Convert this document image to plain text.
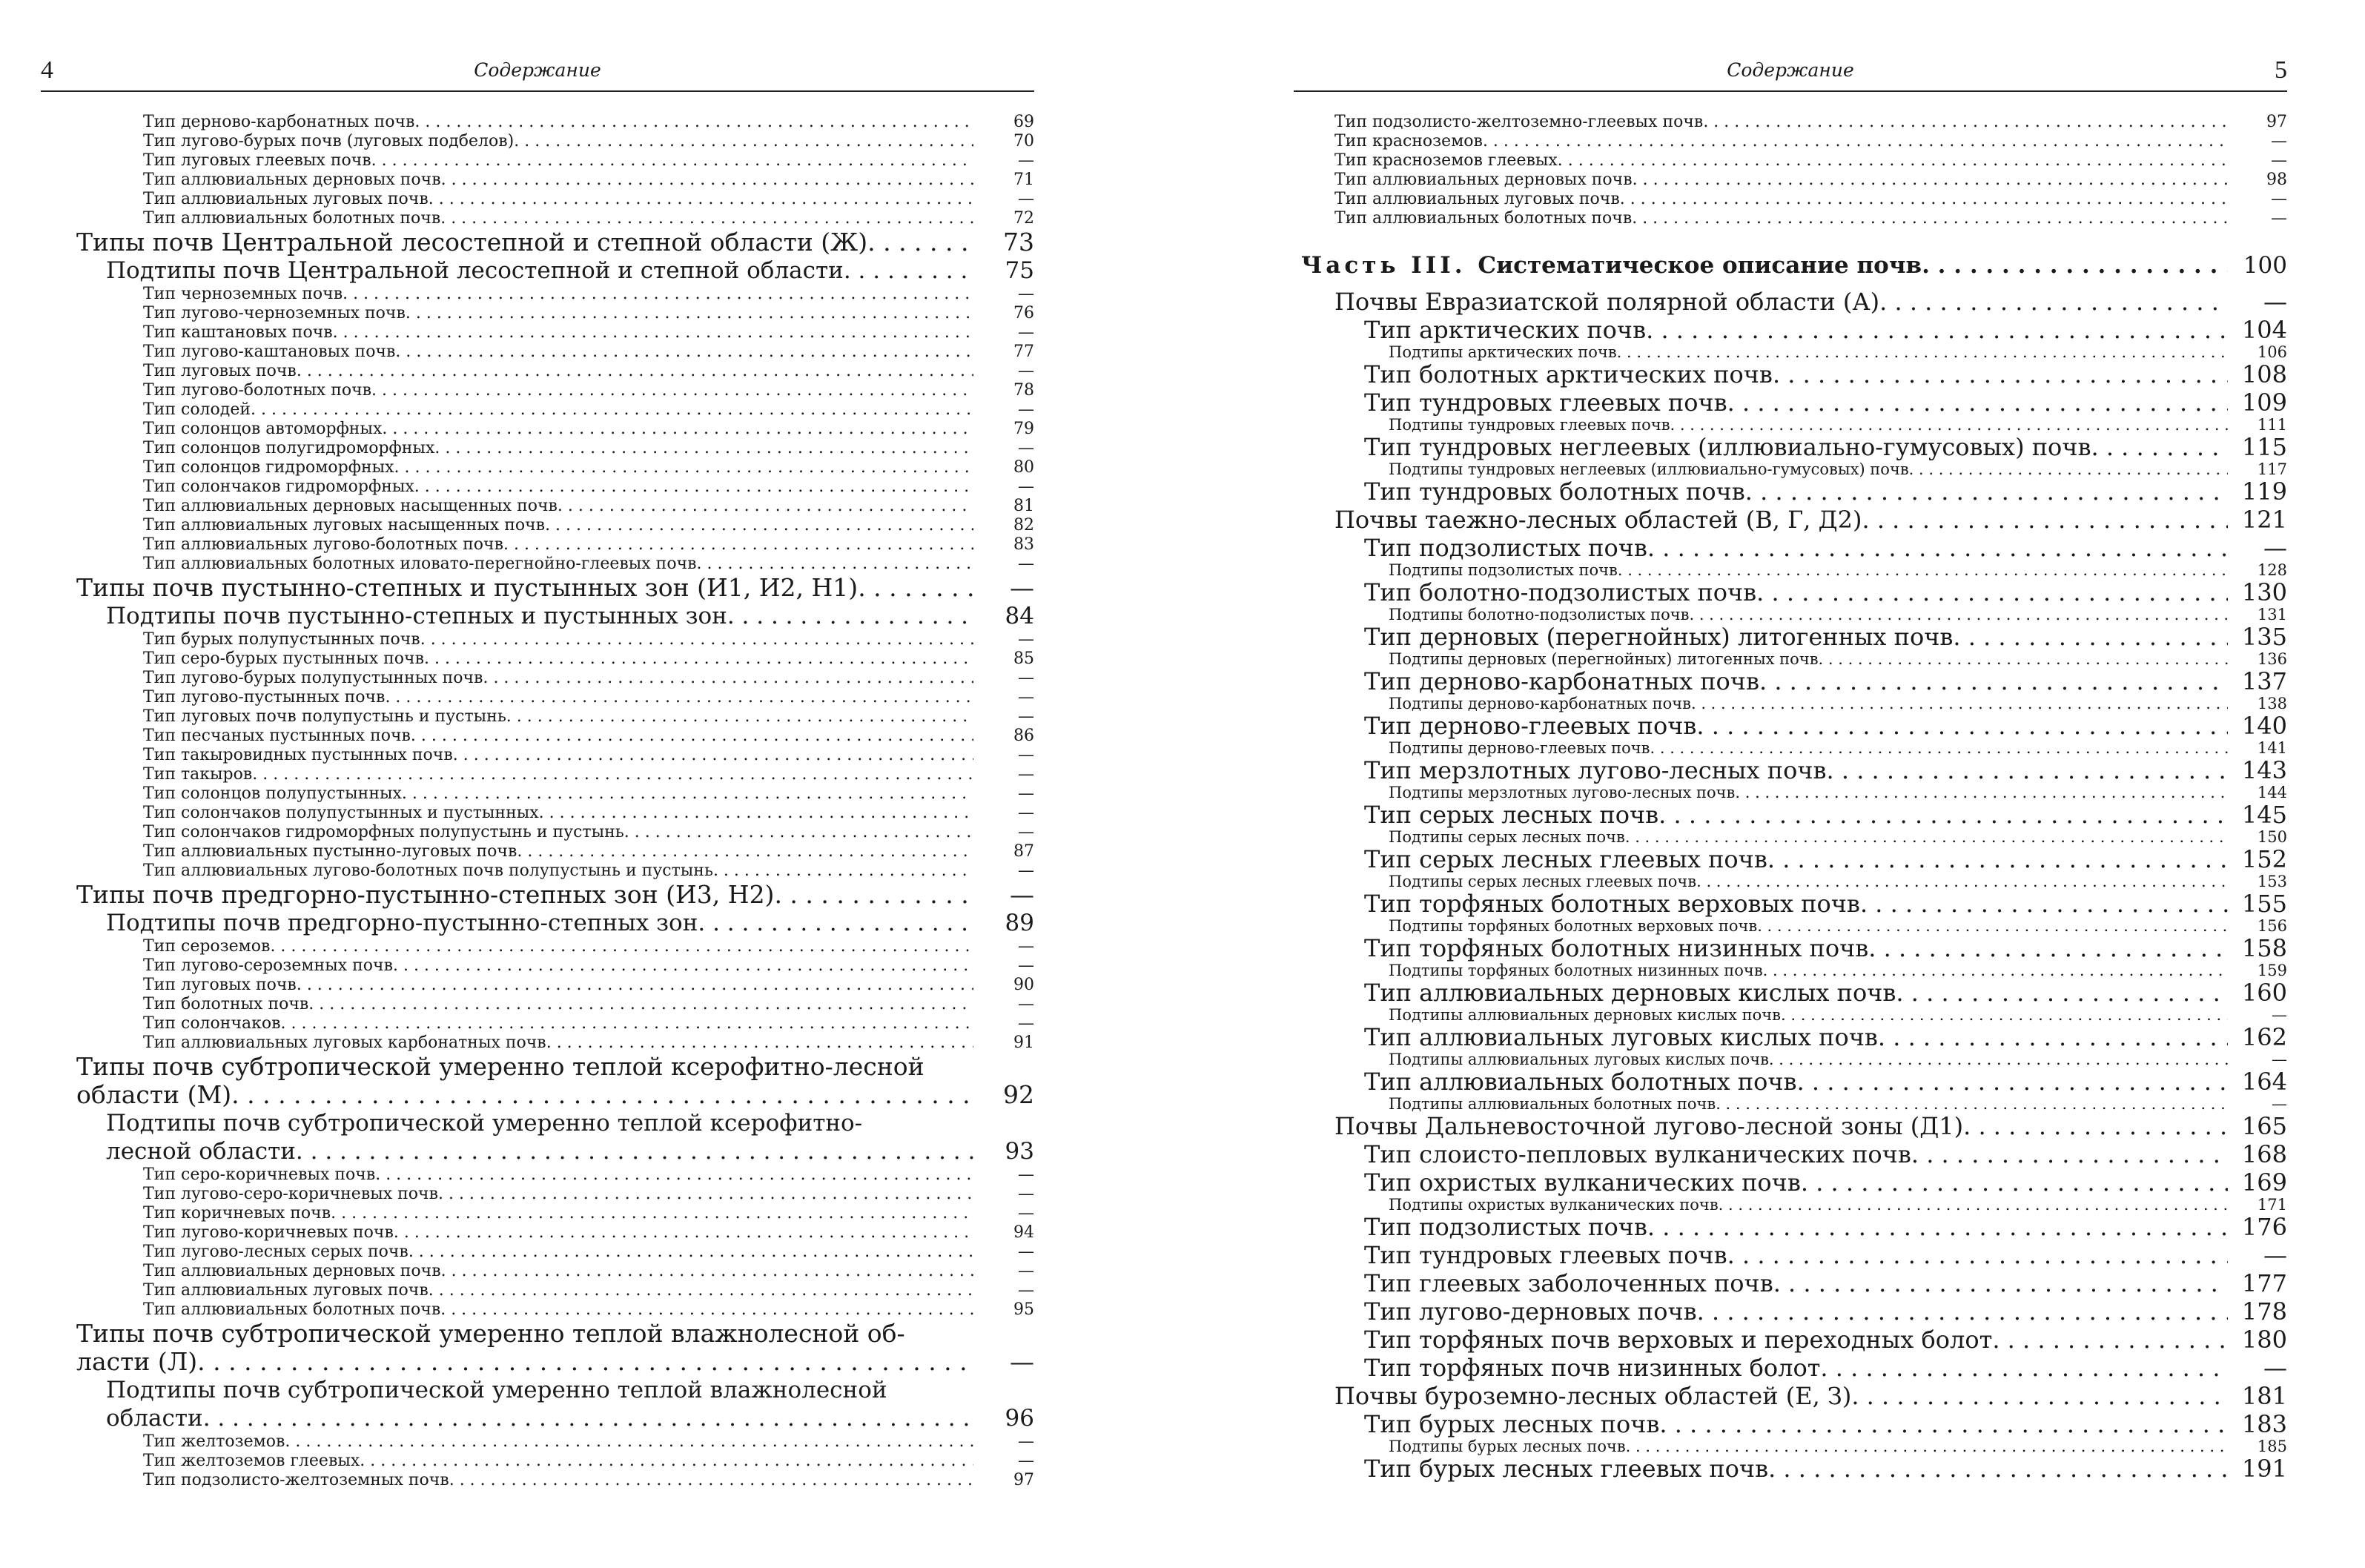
4	Содержание
Тип дерново-карбонатных почв . . .	69
Тип лугово-бурых почв (луговых подбелов) . . .	70
Тип луговых глеевых почв . . .	—
Тип аллювиальных дерновых почв . . .	71
Тип аллювиальных луговых почв . . .	—
Тип аллювиальных болотных почв . . .	72
Типы почв Центральной лесостепной и степной области (Ж) . . .	73
Подтипы почв Центральной лесостепной и степной области . . .	75
Тип черноземных почв . . .	—
Тип лугово-черноземных почв . . .	76
Тип каштановых почв . . .	—
Тип лугово-каштановых почв . . .	77
Тип луговых почв . . .	—
Тип лугово-болотных почв . . .	78
Тип солодей . . .	—
Тип солонцов автоморфных . . .	79
Тип солонцов полугидроморфных . . .	—
Тип солонцов гидроморфных . . .	80
Тип солончаков гидроморфных . . .	—
Тип аллювиальных дерновых насыщенных почв . . .	81
Тип аллювиальных луговых насыщенных почв . . .	82
Тип аллювиальных лугово-болотных почв . . .	83
Тип аллювиальных болотных иловато-перегнойно-глеевых почв . . .	—
Типы почв пустынно-степных и пустынных зон (И1, И2, Н1) . . .	—
Подтипы почв пустынно-степных и пустынных зон . . .	84
Тип бурых полупустынных почв . . .	—
Тип серо-бурых пустынных почв . . .	85
Тип лугово-бурых полупустынных почв . . .	—
Тип лугово-пустынных почв . . .	—
Тип луговых почв полупустынь и пустынь . . .	—
Тип песчаных пустынных почв . . .	86
Тип такыровидных пустынных почв . . .	—
Тип такыров . . .	—
Тип солонцов полупустынных . . .	—
Тип солончаков полупустынных и пустынных . . .	—
Тип солончаков гидроморфных полупустынь и пустынь . . .	—
Тип аллювиальных пустынно-луговых почв . . .	87
Тип аллювиальных лугово-болотных почв полупустынь и пустынь . . .	—
Типы почв предгорно-пустынно-степных зон (И3, Н2) . . .	—
Подтипы почв предгорно-пустынно-степных зон . . .	89
Тип сероземов . . .	—
Тип лугово-сероземных почв . . .	—
Тип луговых почв . . .	90
Тип болотных почв . . .	—
Тип солончаков . . .	—
Тип аллювиальных луговых карбонатных почв . . .	91
Типы почв субтропической умеренно теплой ксерофитно-лесной
области (М) . . .	92
Подтипы почв субтропической умеренно теплой ксерофитно-
лесной области . . .	93
Тип серо-коричневых почв . . .	—
Тип лугово-серо-коричневых почв . . .	—
Тип коричневых почв . . .	—
Тип лугово-коричневых почв . . .	94
Тип лугово-лесных серых почв . . .	—
Тип аллювиальных дерновых почв . . .	—
Тип аллювиальных луговых почв . . .	—
Тип аллювиальных болотных почв . . .	95
Типы почв субтропической умеренно теплой влажнолесной об-
ласти (Л) . . .	—
Подтипы почв субтропической умеренно теплой влажнолесной
области . . .	96
Тип желтоземов . . .	—
Тип желтоземов глеевых . . .	—
Тип подзолисто-желтоземных почв . . .	97
Содержание	5
Тип подзолисто-желтоземно-глеевых почв . . .	97
Тип красноземов . . .	—
Тип красноземов глеевых . . .	—
Тип аллювиальных дерновых почв . . .	98
Тип аллювиальных луговых почв . . .	—
Тип аллювиальных болотных почв . . .	—
Часть III.
Систематическое описание почв . . .	100
Почвы Евразиатской полярной области (А) . . .	—
Тип арктических почв . . .	104
Подтипы арктических почв . . .	106
Тип болотных арктических почв . . .	108
Тип тундровых глеевых почв . . .	109
Подтипы тундровых глеевых почв . . .	111
Тип тундровых неглеевых (иллювиально-гумусовых) почв . . .	115
Подтипы тундровых неглеевых (иллювиально-гумусовых) почв . . .	117
Тип тундровых болотных почв . . .	119
Почвы таежно-лесных областей (В, Г, Д2) . . .	121
Тип подзолистых почв . . .	—
Подтипы подзолистых почв . . .	128
Тип болотно-подзолистых почв . . .	130
Подтипы болотно-подзолистых почв . . .	131
Тип дерновых (перегнойных) литогенных почв . . .	135
Подтипы дерновых (перегнойных) литогенных почв . . .	136
Тип дерново-карбонатных почв . . .	137
Подтипы дерново-карбонатных почв . . .	138
Тип дерново-глеевых почв . . .	140
Подтипы дерново-глеевых почв . . .	141
Тип мерзлотных лугово-лесных почв . . .	143
Подтипы мерзлотных лугово-лесных почв . . .	144
Тип серых лесных почв . . .	145
Подтипы серых лесных почв . . .	150
Тип серых лесных глеевых почв . . .	152
Подтипы серых лесных глеевых почв . . .	153
Тип торфяных болотных верховых почв . . .	155
Подтипы торфяных болотных верховых почв . . .	156
Тип торфяных болотных низинных почв . . .	158
Подтипы торфяных болотных низинных почв . . .	159
Тип аллювиальных дерновых кислых почв . . .	160
Подтипы аллювиальных дерновых кислых почв . . .	—
Тип аллювиальных луговых кислых почв . . .	162
Подтипы аллювиальных луговых кислых почв . . .	—
Тип аллювиальных болотных почв . . .	164
Подтипы аллювиальных болотных почв . . .	—
Почвы Дальневосточной лугово-лесной зоны (Д1) . . .	165
Тип слоисто-пепловых вулканических почв . . .	168
Тип охристых вулканических почв . . .	169
Подтипы охристых вулканических почв . . .	171
Тип подзолистых почв . . .	176
Тип тундровых глеевых почв . . .	—
Тип глеевых заболоченных почв . . .	177
Тип лугово-дерновых почв . . .	178
Тип торфяных почв верховых и переходных болот . . .	180
Тип торфяных почв низинных болот . . .	—
Почвы буроземно-лесных областей (Е, З) . . .	181
Тип бурых лесных почв . . .	183
Подтипы бурых лесных почв . . .	185
Тип бурых лесных глеевых почв . . .	191
